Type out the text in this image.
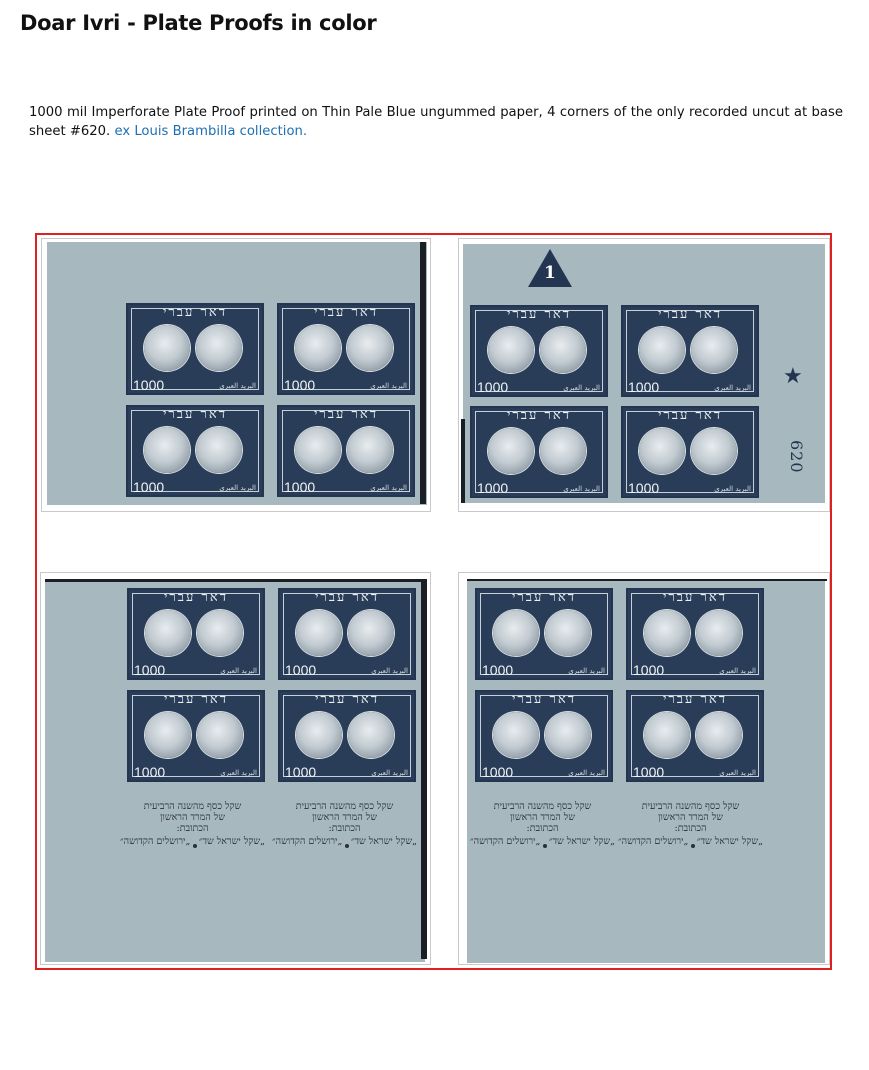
Doar Ivri - Plate Proofs in color
1000 mil Imperforate Plate Proof printed on Thin Pale Blue ungummed paper, 4 corners of the only recorded uncut at base sheet #620. ex Louis Brambilla collection.
דאר עברי
1000	البريد العبري
דאר עברי
1000	البريد العبري
דאר עברי
1000	البريد العبري
דאר עברי
1000	البريد العبري
דאר עברי
1000	البريد العبري
דאר עברי
1000	البريد العبري
דאר עברי
1000	البريد العبري
דאר עברי
1000	البريد العبري
1
★
620
דאר עברי
1000	البريد العبري
דאר עברי
1000	البريد العبري
דאר עברי
1000	البريد العبري
דאר עברי
1000	البريد العبري
דאר עברי
1000	البريد العبري
דאר עברי
1000	البريد العبري
דאר עברי
1000	البريد العبري
דאר עברי
1000	البريد العبري
שקל כסף מהשנה הרביעית
של המרד הראשון
הכתובת:
„שקל ישראל שד״
„ירושלים הקדושה״
שקל כסף מהשנה הרביעית
של המרד הראשון
הכתובת:
„שקל ישראל שד״
„ירושלים הקדושה״
שקל כסף מהשנה הרביעית
של המרד הראשון
הכתובת:
„שקל ישראל שד״
„ירושלים הקדושה״
שקל כסף מהשנה הרביעית
של המרד הראשון
הכתובת:
„שקל ישראל שד״
„ירושלים הקדושה״
